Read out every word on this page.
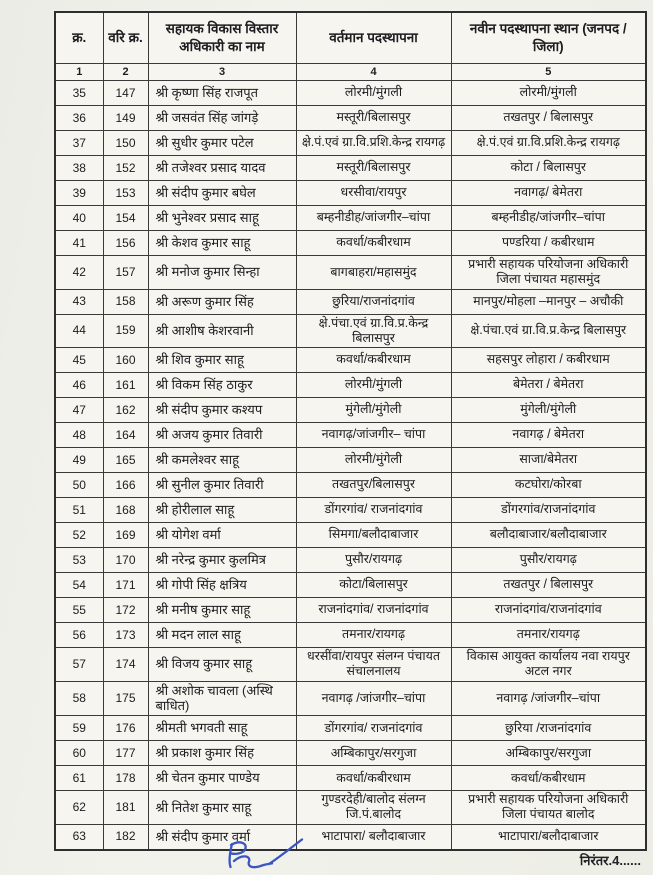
क्र.	वरि क्र.	सहायक विकास विस्तार अधिकारी का नाम	वर्तमान पदस्थापना	नवीन पदस्थापना स्थान (जनपद / जिला)
1	2	3	4	5
35	147	श्री कृष्णा सिंह राजपूत	लोरमी/मुंगली	लोरमी/मुंगली
36	149	श्री जसवंत सिंह जांगड़े	मस्तूरी/बिलासपुर	तखतपुर / बिलासपुर
37	150	श्री सुधीर कुमार पटेल	क्षे.पं.एवं ग्रा.वि.प्रशि.केन्द्र रायगढ़	क्षे.पं.एवं ग्रा.वि.प्रशि.केन्द्र रायगढ़
38	152	श्री तजेश्वर प्रसाद यादव	मस्तूरी/बिलासपुर	कोटा / बिलासपुर
39	153	श्री संदीप कुमार बघेल	धरसीवा/रायपुर	नवागढ़/ बेमेतरा
40	154	श्री भुनेश्वर प्रसाद साहू	बम्हनीडीह/जांजगीर–चांपा	बम्हनीडीह/जांजगीर–चांपा
41	156	श्री केशव कुमार साहू	कवर्धा/कबीरधाम	पण्डरिया / कबीरधाम
42	157	श्री मनोज कुमार सिन्हा	बागबाहरा/महासमुंद	प्रभारी सहायक परियोजना अधिकारी जिला पंचायत महासमुंद
43	158	श्री अरूण कुमार सिंह	छुरिया/राजनांदगांव	मानपुर/मोहला –मानपुर – अचौकी
44	159	श्री आशीष केशरवानी	क्षे.पंचा.एवं ग्रा.वि.प्र.केन्द्र बिलासपुर	क्षे.पंचा.एवं ग्रा.वि.प्र.केन्द्र बिलासपुर
45	160	श्री शिव कुमार साहू	कवर्धा/कबीरधाम	सहसपुर लोहारा / कबीरधाम
46	161	श्री विकम सिंह ठाकुर	लोरमी/मुंगली	बेमेतरा / बेमेतरा
47	162	श्री संदीप कुमार कश्यप	मुंगेली/मुंगेली	मुंगेली/मुंगेली
48	164	श्री अजय कुमार तिवारी	नवागढ़/जांजगीर– चांपा	नवागढ़ / बेमेतरा
49	165	श्री कमलेश्वर साहू	लोरमी/मुंगेली	साजा/बेमेतरा
50	166	श्री सुनील कुमार तिवारी	तखतपुर/बिलासपुर	कटघोरा/कोरबा
51	168	श्री होरीलाल साहू	डोंगरगांव/ राजनांदगांव	डोंगरगांव/राजनांदगांव
52	169	श्री योगेश वर्मा	सिमगा/बलौदाबाजार	बलौदाबाजार/बलौदाबाजार
53	170	श्री नरेन्द्र कुमार कुलमित्र	पुसौर/रायगढ़	पुसौर/रायगढ़
54	171	श्री गोपी सिंह क्षत्रिय	कोटा/बिलासपुर	तखतपुर / बिलासपुर
55	172	श्री मनीष कुमार साहू	राजनांदगांव/ राजनांदगांव	राजनांदगांव/राजनांदगांव
56	173	श्री मदन लाल साहू	तमनार/रायगढ़	तमनार/रायगढ़
57	174	श्री विजय कुमार साहू	धरसींवा/रायपुर संलग्न पंचायत संचालनालय	विकास आयुक्त कार्यालय नवा रायपुर अटल नगर
58	175	श्री अशोक चावला (अस्थि बाधित)	नवागढ़ /जांजगीर–चांपा	नवागढ़ /जांजगीर–चांपा
59	176	श्रीमती भगवती साहू	डोंगरगांव/ राजनांदगांव	छुरिया /राजनांदगांव
60	177	श्री प्रकाश कुमार सिंह	अम्बिकापुर/सरगुजा	अम्बिकापुर/सरगुजा
61	178	श्री चेतन कुमार पाण्डेय	कवर्धा/कबीरधाम	कवर्धा/कबीरधाम
62	181	श्री नितेश कुमार साहू	गुण्डरदेही/बालोद संलग्न जि.पं.बालोद	प्रभारी सहायक परियोजना अधिकारी जिला पंचायत बालोद
63	182	श्री संदीप कुमार वर्मा	भाटापारा/ बलौदाबाजार	भाटापारा/बलौदाबाजार
निरंतर.4......
